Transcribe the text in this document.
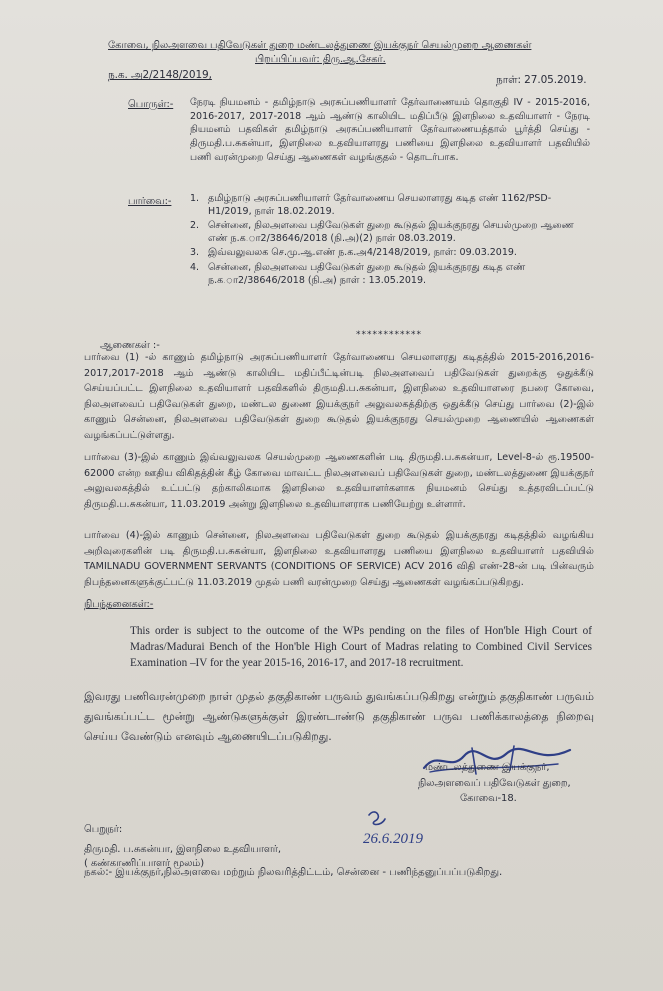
கோவை, நிலஅளவை பதிவேடுகள் துறை மண்டலத்துணை இயக்குநர் செயல்முறை ஆணைகள்
பிறப்பிப்பவர்: திரு.ஆ.சேகர்.
ந.க. அ2/2148/2019,	நாள்: 27.05.2019.
பொருள்:- நேரடி நியமனம் - தமிழ்நாடு அரசுப்பணியாளர் தேர்வாணையம் தொகுதி IV - 2015-2016, 2016-2017, 2017-2018 ஆம் ஆண்டு காலியிட மதிப்பீடு இளநிலை உதவியாளர் - நேரடி நியமனம் பதவிகள் தமிழ்நாடு அரசுப்பணியாளர் தேர்வாணையத்தால் பூர்த்தி செய்து - திருமதி.ப.சுகன்யா, இளநிலை உதவியாளரது பணியை இளநிலை உதவியாளர் பதவியில் பணி வரன்முறை செய்து ஆணைகள் வழங்குதல் - தொடர்பாக.
பார்வை:- 1. தமிழ்நாடு அரசுப்பணியாளர் தேர்வாணைய செயலாளரது கடித எண் 1162/PSD-H1/2019, நாள் 18.02.2019.
2. சென்னை, நிலஅளவை பதிவேடுகள் துறை கூடுதல் இயக்குநரது செயல்முறை ஆணை எண் ந.க.ா2/38646/2018 (நி.அ)(2) நாள் 08.03.2019.
3. இவ்வலுவலக செ.மு.ஆ.எண் ந.க.அ4/2148/2019, நாள்: 09.03.2019.
4. சென்னை, நிலஅளவை பதிவேடுகள் துறை கூடுதல் இயக்குநரது கடித எண் ந.க.ா2/38646/2018 (நி.அ) நாள் : 13.05.2019.
************
ஆணைகள் :-
பார்வை (1) -ல் காணும் தமிழ்நாடு அரசுப்பணியாளர் தேர்வாணைய செயலாளரது கடிதத்தில் 2015-2016,2016-2017,2017-2018 ஆம் ஆண்டு காலியிட மதிப்பீட்டின்படி நிலஅளவைப் பதிவேடுகள் துறைக்கு ஒதுக்கீடு செய்யப்பட்ட இளநிலை உதவியாளர் பதவிகளில் திருமதி.ப.சுகன்யா, இளநிலை உதவியாளரை நபரை கோவை, நிலஅளவைப் பதிவேடுகள் துறை, மண்டல துணை இயக்குநர் அலுவலகத்திற்கு ஒதுக்கீடு செய்து பார்வை (2)-இல் காணும் சென்னை, நிலஅளவை பதிவேடுகள் துறை கூடுதல் இயக்குநரது செயல்முறை ஆணையில் ஆணைகள் வழங்கப்பட்டுள்ளது.
பார்வை (3)-இல் காணும் இவ்வலுவலக செயல்முறை ஆணைகளின் படி திருமதி.ப.சுகன்யா, Level-8-ல் ரூ.19500-62000 என்ற ஊதிய விகிதத்தின் கீழ் கோவை மாவட்ட நிலஅளவைப் பதிவேடுகள் துறை, மண்டலத்துணை இயக்குநர் அலுவலகத்தில் உட்பட்டு தற்காலிகமாக இளநிலை உதவியாளர்களாக நியமனம் செய்து உத்தரவிடப்பட்டு திருமதி.ப.சுகன்யா, 11.03.2019 அன்று இளநிலை உதவியாளராக பணியேற்று உள்ளார்.
பார்வை (4)-இல் காணும் சென்னை, நிலஅளவை பதிவேடுகள் துறை கூடுதல் இயக்குநரது கடிதத்தில் வழங்கிய அறிவுரைகளின் படி திருமதி.ப.சுகன்யா, இளநிலை உதவியாளரது பணியை இளநிலை உதவியாளர் பதவியில் TAMILNADU GOVERNMENT SERVANTS (CONDITIONS OF SERVICE) ACV 2016 விதி எண்-28-ன் படி பின்வரும் நிபந்தனைகளுக்குட்பட்டு 11.03.2019 முதல் பணி வரன்முறை செய்து ஆணைகள் வழங்கப்படுகிறது.
நிபந்தனைகள்:-
This order is subject to the outcome of the WPs pending on the files of Hon'ble High Court of Madras/Madurai Bench of the Hon'ble High Court of Madras relating to Combined Civil Services Examination –IV for the year 2015-16, 2016-17, and 2017-18 recruitment.
இவரது பணிவரன்முறை நாள் முதல் தகுதிகாண் பருவம் துவங்கப்படுகிறது என்றும் தகுதிகாண் பருவம் துவங்கப்பட்ட மூன்று ஆண்டுகளுக்குள் இரண்டாண்டு தகுதிகாண் பருவ பணிக்காலத்தை நிறைவு செய்ய வேண்டும் எனவும் ஆணையிடப்படுகிறது.
மண்டலத்துணை இயக்குநர்,
நிலஅளவைப் பதிவேடுகள் துறை,
கோவை-18.
26.6.2019
பெறுநர்:
திருமதி. ப.சுகன்யா, இளநிலை உதவியாளர்,
( கண்காணிப்பாளர் மூலம்)
நகல்:- இயக்குநர்,நிலஅளவை மற்றும் நிலவரித்திட்டம், சென்னை - பணிந்தனுப்பப்படுகிறது.
